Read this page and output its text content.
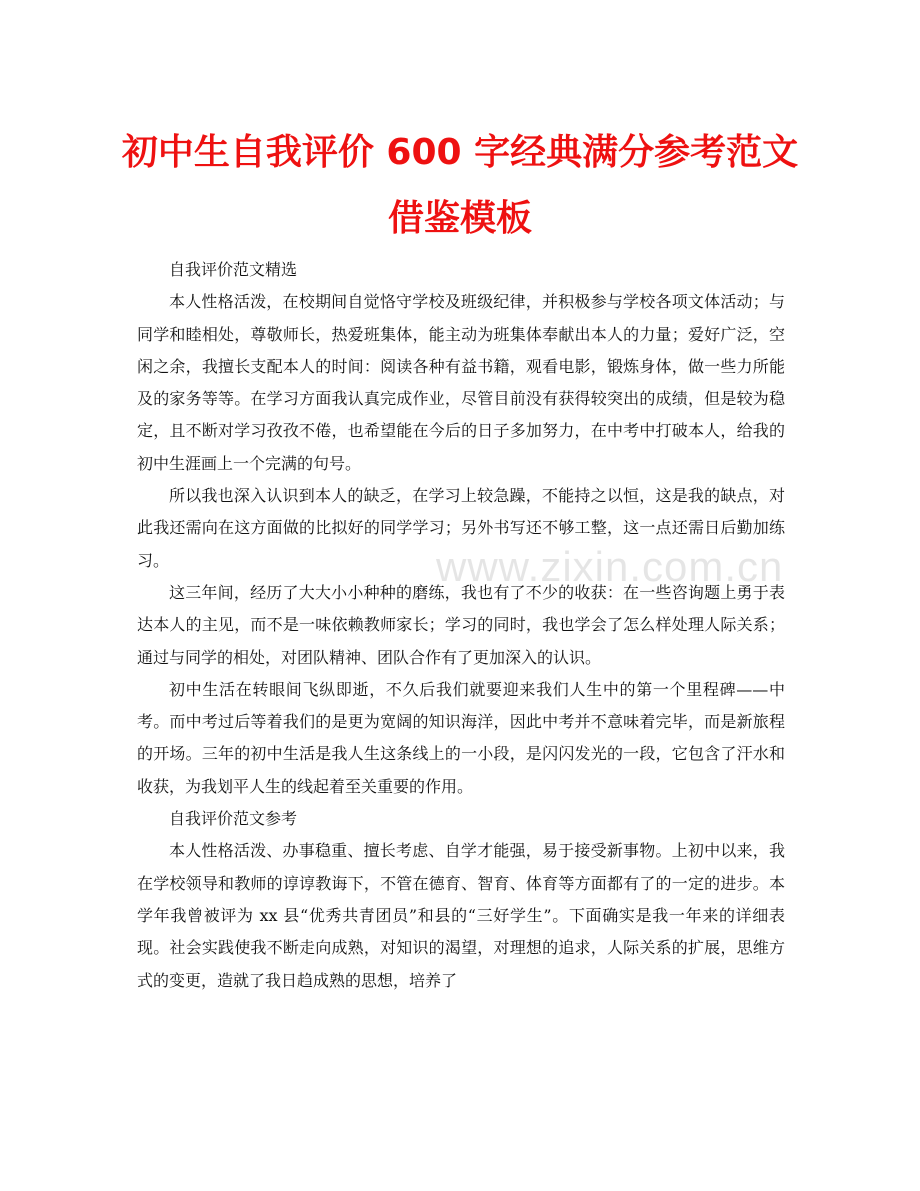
初中生自我评价 600 字经典满分参考范文
借鉴模板

自我评价范文精选

本人性格活泼，在校期间自觉恪守学校及班级纪律，并积极参与学校各项文体活动；与同学和睦相处，尊敬师长，热爱班集体，能主动为班集体奉献出本人的力量；爱好广泛，空闲之余，我擅长支配本人的时间：阅读各种有益书籍，观看电影，锻炼身体，做一些力所能及的家务等等。在学习方面我认真完成作业，尽管目前没有获得较突出的成绩，但是较为稳定，且不断对学习孜孜不倦，也希望能在今后的日子多加努力，在中考中打破本人，给我的初中生涯画上一个完满的句号。

所以我也深入认识到本人的缺乏，在学习上较急躁，不能持之以恒，这是我的缺点，对此我还需向在这方面做的比拟好的同学学习；另外书写还不够工整，这一点还需日后勤加练习。

这三年间，经历了大大小小种种的磨练，我也有了不少的收获：在一些咨询题上勇于表达本人的主见，而不是一味依赖教师家长；学习的同时，我也学会了怎么样处理人际关系；通过与同学的相处，对团队精神、团队合作有了更加深入的认识。

初中生活在转眼间飞纵即逝，不久后我们就要迎来我们人生中的第一个里程碑——中考。而中考过后等着我们的是更为宽阔的知识海洋，因此中考并不意味着完毕，而是新旅程的开场。三年的初中生活是我人生这条线上的一小段，是闪闪发光的一段，它包含了汗水和收获，为我划平人生的线起着至关重要的作用。

自我评价范文参考

本人性格活泼、办事稳重、擅长考虑、自学才能强，易于接受新事物。上初中以来，我在学校领导和教师的谆谆教诲下，不管在德育、智育、体育等方面都有了的一定的进步。本学年我曾被评为 xx 县“优秀共青团员”和县的“三好学生”。下面确实是我一年来的详细表现。社会实践使我不断走向成熟，对知识的渴望，对理想的追求，人际关系的扩展，思维方式的变更，造就了我日趋成熟的思想，培养了

www.zixin.com.cn
